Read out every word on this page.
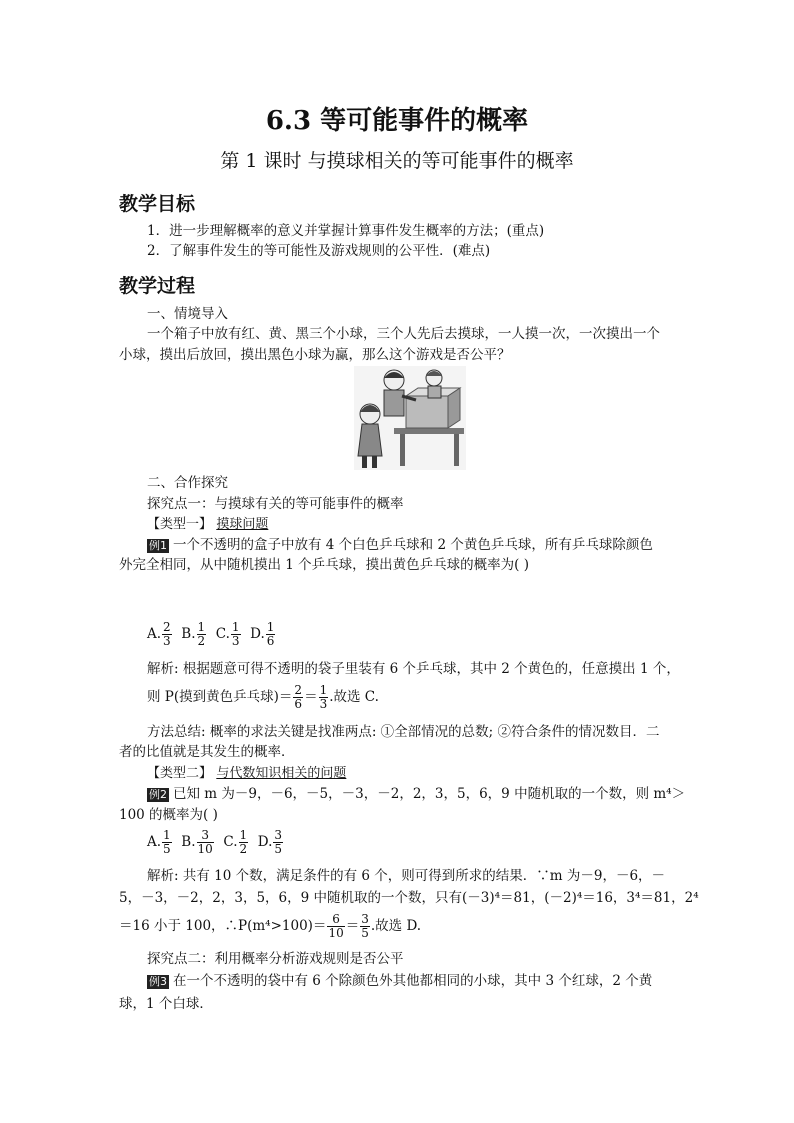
6.3 等可能事件的概率
第 1 课时 与摸球相关的等可能事件的概率
教学目标
1．进一步理解概率的意义并掌握计算事件发生概率的方法；(重点)
2．了解事件发生的等可能性及游戏规则的公平性．(难点)
教学过程
一、情境导入
一个箱子中放有红、黄、黑三个小球，三个人先后去摸球，一人摸一次，一次摸出一个
小球，摸出后放回，摸出黑色小球为赢，那么这个游戏是否公平？
二、合作探究
探究点一：与摸球有关的等可能事件的概率
【类型一】 摸球问题
例1 一个不透明的盒子中放有 4 个白色乒乓球和 2 个黄色乒乓球，所有乒乓球除颜色
外完全相同，从中随机摸出 1 个乒乓球，摸出黄色乒乓球的概率为( )
A. $\frac{2}{3} B$. $\frac{1}{2} C$. $\frac{1}{3} D$. $\frac{1}{6}$
解析: 根据题意可得不透明的袋子里装有 6 个乒乓球，其中 2 个黄色的，任意摸出 1 个，
则 P(摸到黄色乒乓球)＝ $\frac{2}{6} = \frac{1}{3}$ .故选 C.
方法总结: 概率的求法关键是找准两点: ①全部情况的总数; ②符合条件的情况数目．二
者的比值就是其发生的概率．
【类型二】 与代数知识相关的问题
例2 已知 m 为－9，－6，－5，－3，－2，2，3，5，6，9 中随机取的一个数，则 m⁴＞
100 的概率为( )
A. $\frac{1}{5} B$. $\frac{3}{10} C$. $\frac{1}{2} D$. $\frac{3}{5}$
解析: 共有 10 个数，满足条件的有 6 个，则可得到所求的结果．∵m 为－9，－6，－
5，－3，－2，2，3，5，6，9 中随机取的一个数，只有(－3)⁴＝81，(－2)⁴＝16，3⁴＝81，2⁴
＝16 小于 100，∴P(m⁴>100)＝ $\frac{6}{10} = \frac{3}{5}$ .故选 D.
探究点二：利用概率分析游戏规则是否公平
例3 在一个不透明的袋中有 6 个除颜色外其他都相同的小球，其中 3 个红球，2 个黄
球，1 个白球．
